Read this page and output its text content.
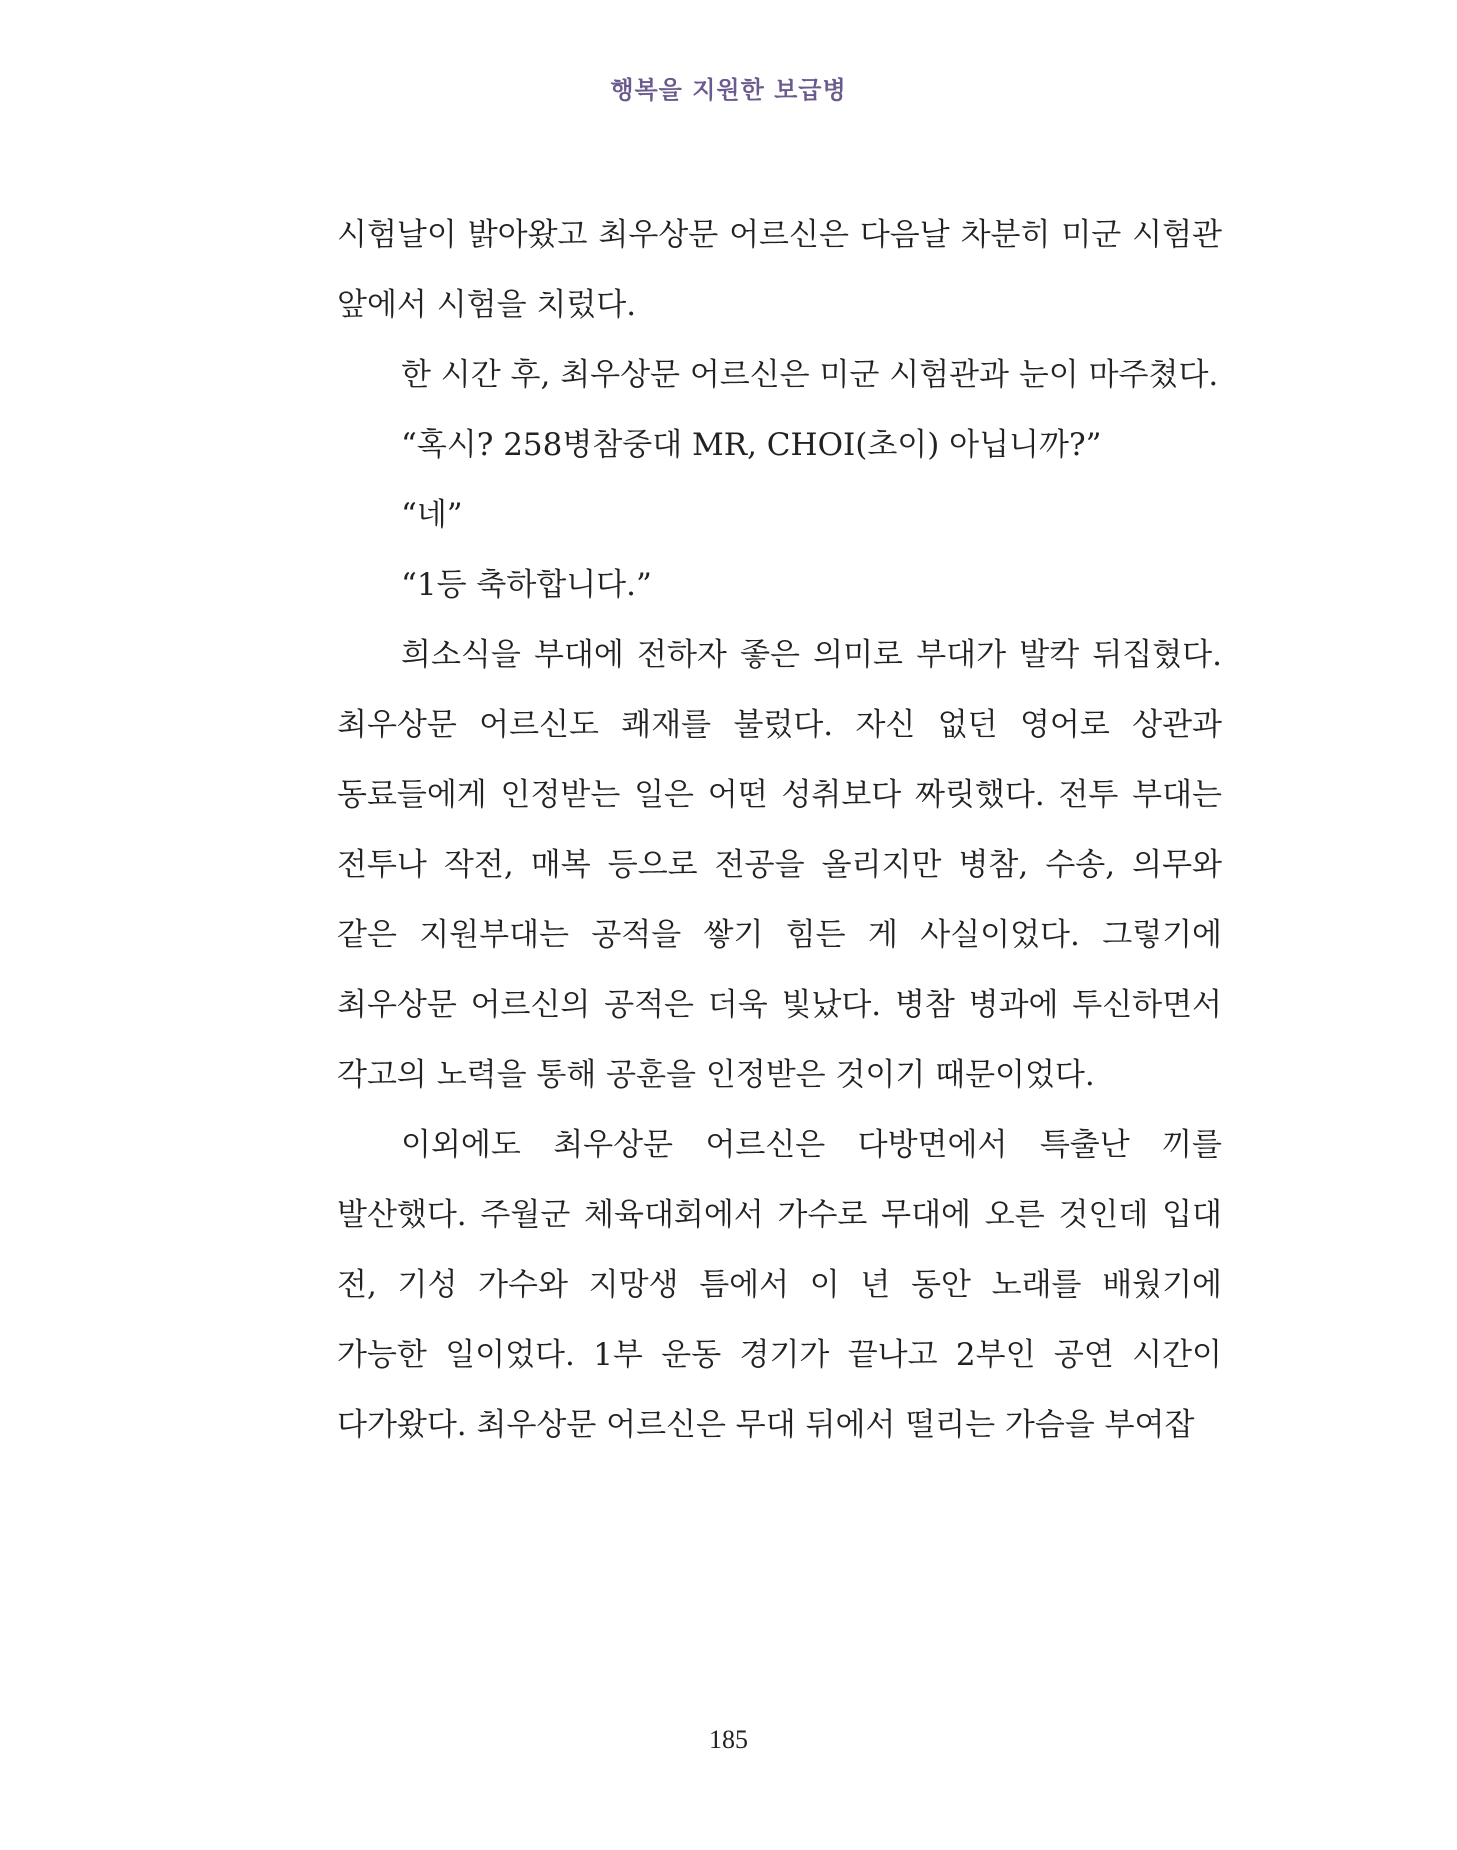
행복을 지원한 보급병

시험날이 밝아왔고 최우상문 어르신은 다음날 차분히 미군 시험관 앞에서 시험을 치렀다.

한 시간 후, 최우상문 어르신은 미군 시험관과 눈이 마주쳤다.

“혹시? 258병참중대 MR, CHOI(초이) 아닙니까?”

“네”

“1등 축하합니다.”

희소식을 부대에 전하자 좋은 의미로 부대가 발칵 뒤집혔다. 최우상문 어르신도 쾌재를 불렀다. 자신 없던 영어로 상관과 동료들에게 인정받는 일은 어떤 성취보다 짜릿했다. 전투 부대는 전투나 작전, 매복 등으로 전공을 올리지만 병참, 수송, 의무와 같은 지원부대는 공적을 쌓기 힘든 게 사실이었다. 그렇기에 최우상문 어르신의 공적은 더욱 빛났다. 병참 병과에 투신하면서 각고의 노력을 통해 공훈을 인정받은 것이기 때문이었다.

이외에도 최우상문 어르신은 다방면에서 특출난 끼를 발산했다. 주월군 체육대회에서 가수로 무대에 오른 것인데 입대 전, 기성 가수와 지망생 틈에서 이 년 동안 노래를 배웠기에 가능한 일이었다. 1부 운동 경기가 끝나고 2부인 공연 시간이 다가왔다. 최우상문 어르신은 무대 뒤에서 떨리는 가슴을 부여잡

185
